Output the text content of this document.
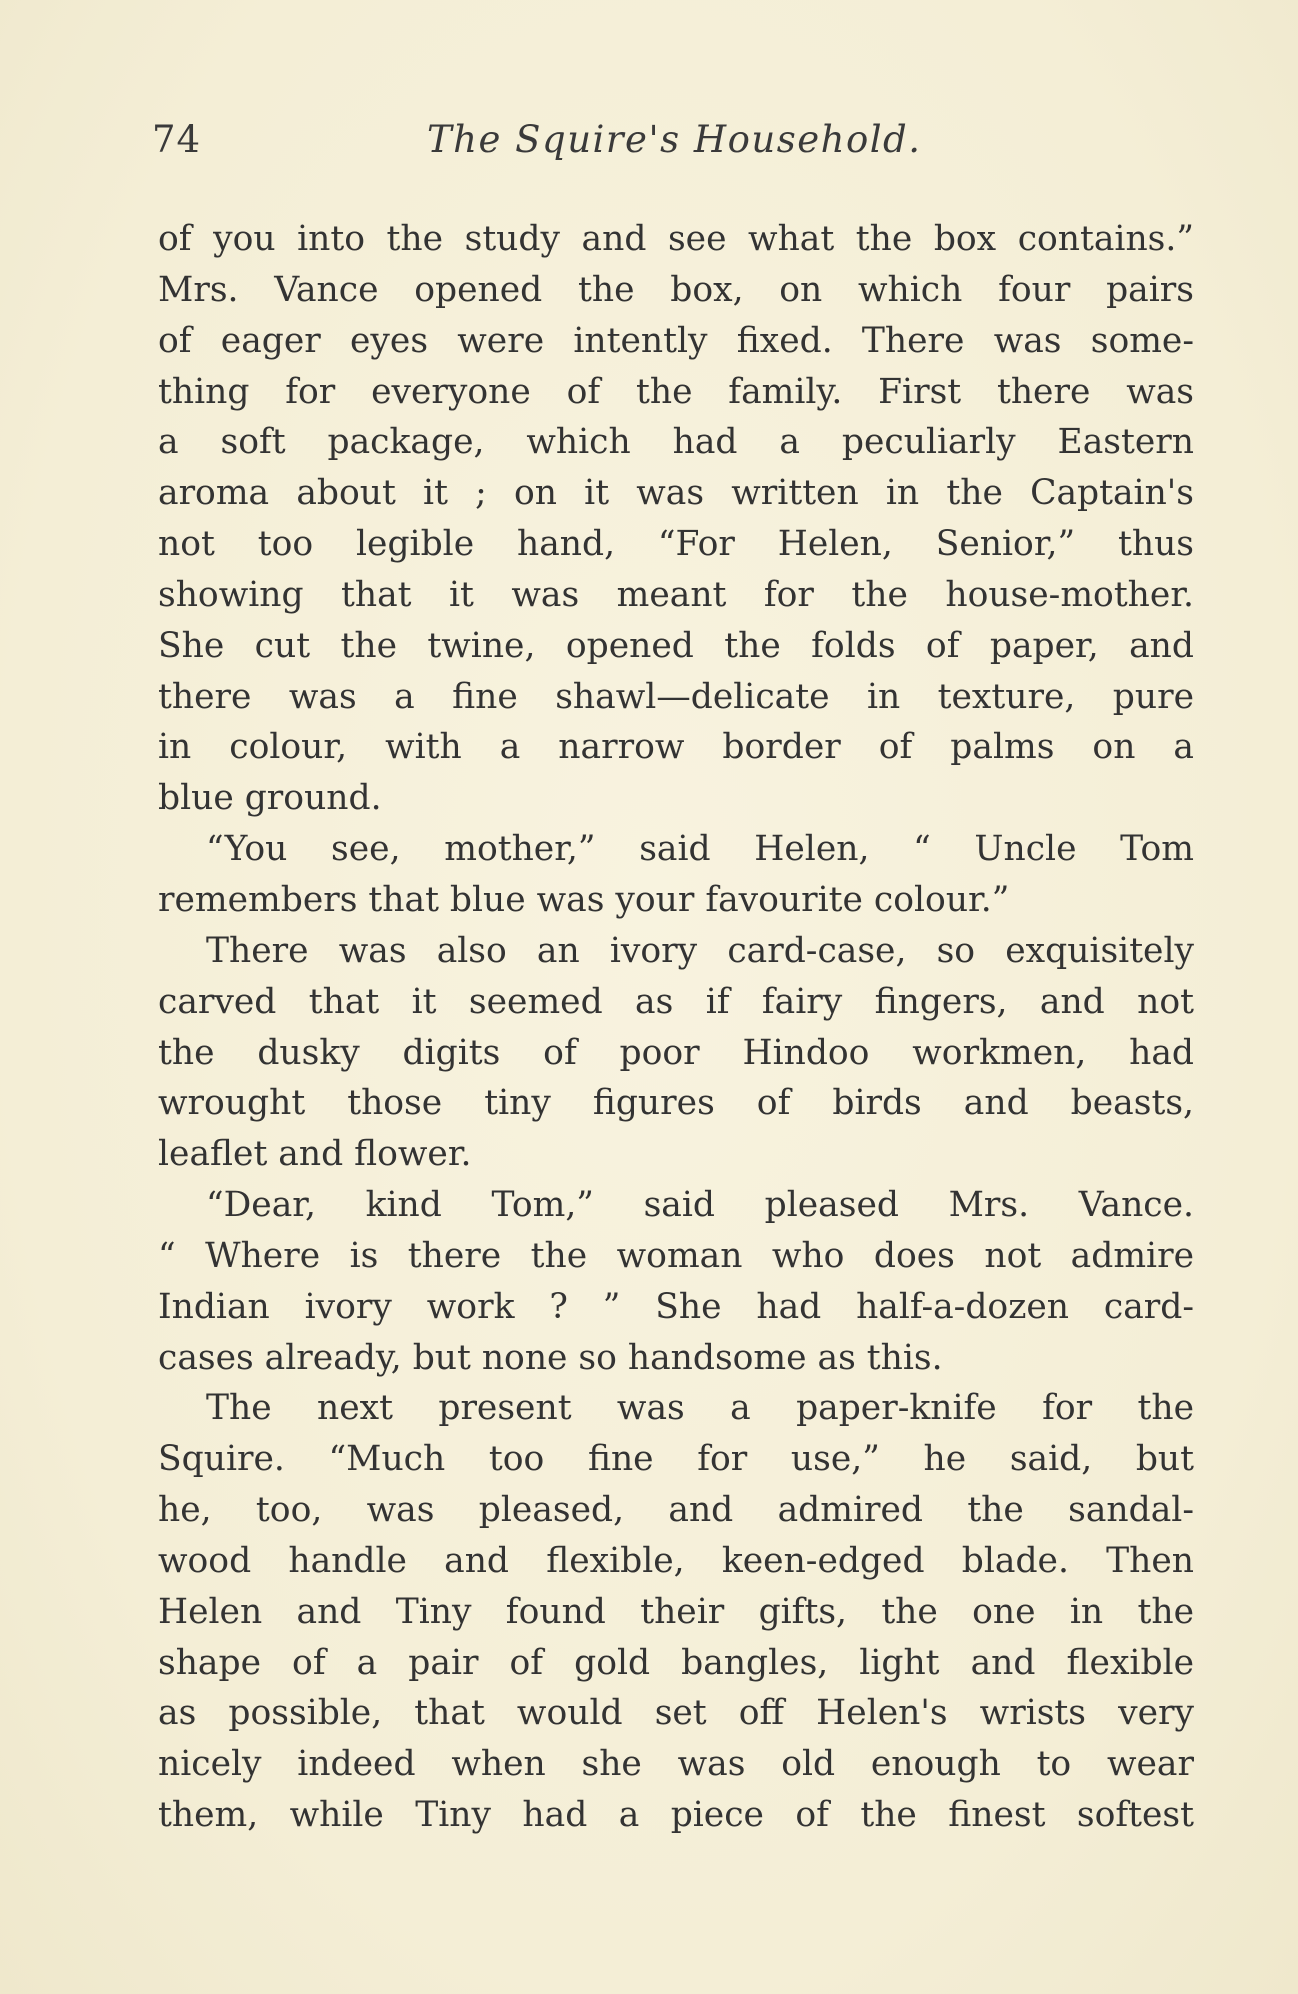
74	The Squire's Household.
of you into the study and see what the box contains.”
Mrs. Vance opened the box, on which four pairs
of eager eyes were intently fixed. There was some-
thing for everyone of the family. First there was
a soft package, which had a peculiarly Eastern
aroma about it ; on it was written in the Captain's
not too legible hand, “For Helen, Senior,” thus
showing that it was meant for the house-mother.
She cut the twine, opened the folds of paper, and
there was a fine shawl—delicate in texture, pure
in colour, with a narrow border of palms on a
blue ground.
“You see, mother,” said Helen, “ Uncle Tom
remembers that blue was your favourite colour.”
There was also an ivory card-case, so exquisitely
carved that it seemed as if fairy fingers, and not
the dusky digits of poor Hindoo workmen, had
wrought those tiny figures of birds and beasts,
leaflet and flower.
“Dear, kind Tom,” said pleased Mrs. Vance.
“ Where is there the woman who does not admire
Indian ivory work ? ” She had half-a-dozen card-
cases already, but none so handsome as this.
The next present was a paper-knife for the
Squire. “Much too fine for use,” he said, but
he, too, was pleased, and admired the sandal-
wood handle and flexible, keen-edged blade. Then
Helen and Tiny found their gifts, the one in the
shape of a pair of gold bangles, light and flexible
as possible, that would set off Helen's wrists very
nicely indeed when she was old enough to wear
them, while Tiny had a piece of the finest softest
